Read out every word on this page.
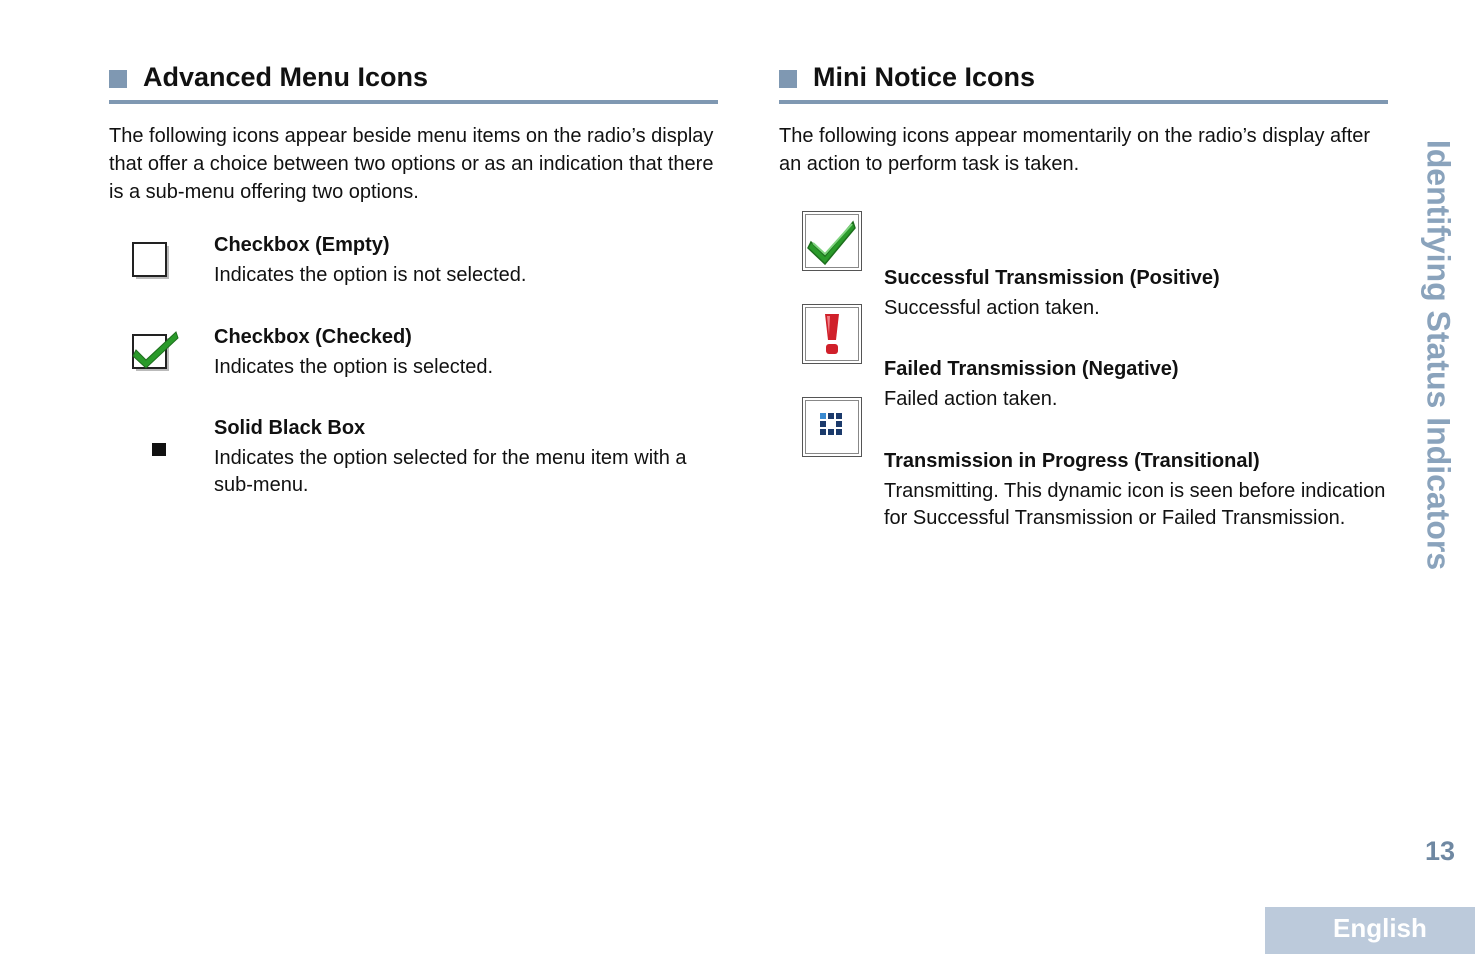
Advanced Menu Icons
The following icons appear beside menu items on the radio’s display that offer a choice between two options or as an indication that there is a sub-menu offering two options.
Checkbox (Empty)
Indicates the option is not selected.
Checkbox (Checked)
Indicates the option is selected.
Solid Black Box
Indicates the option selected for the menu item with a sub-menu.
Mini Notice Icons
The following icons appear momentarily on the radio’s display after an action to perform task is taken.
Successful Transmission (Positive)
Successful action taken.
Failed Transmission (Negative)
Failed action taken.
Transmission in Progress (Transitional)
Transmitting. This dynamic icon is seen before indication for Successful Transmission or Failed Transmission.	Identifying Status Indicators
13
English
